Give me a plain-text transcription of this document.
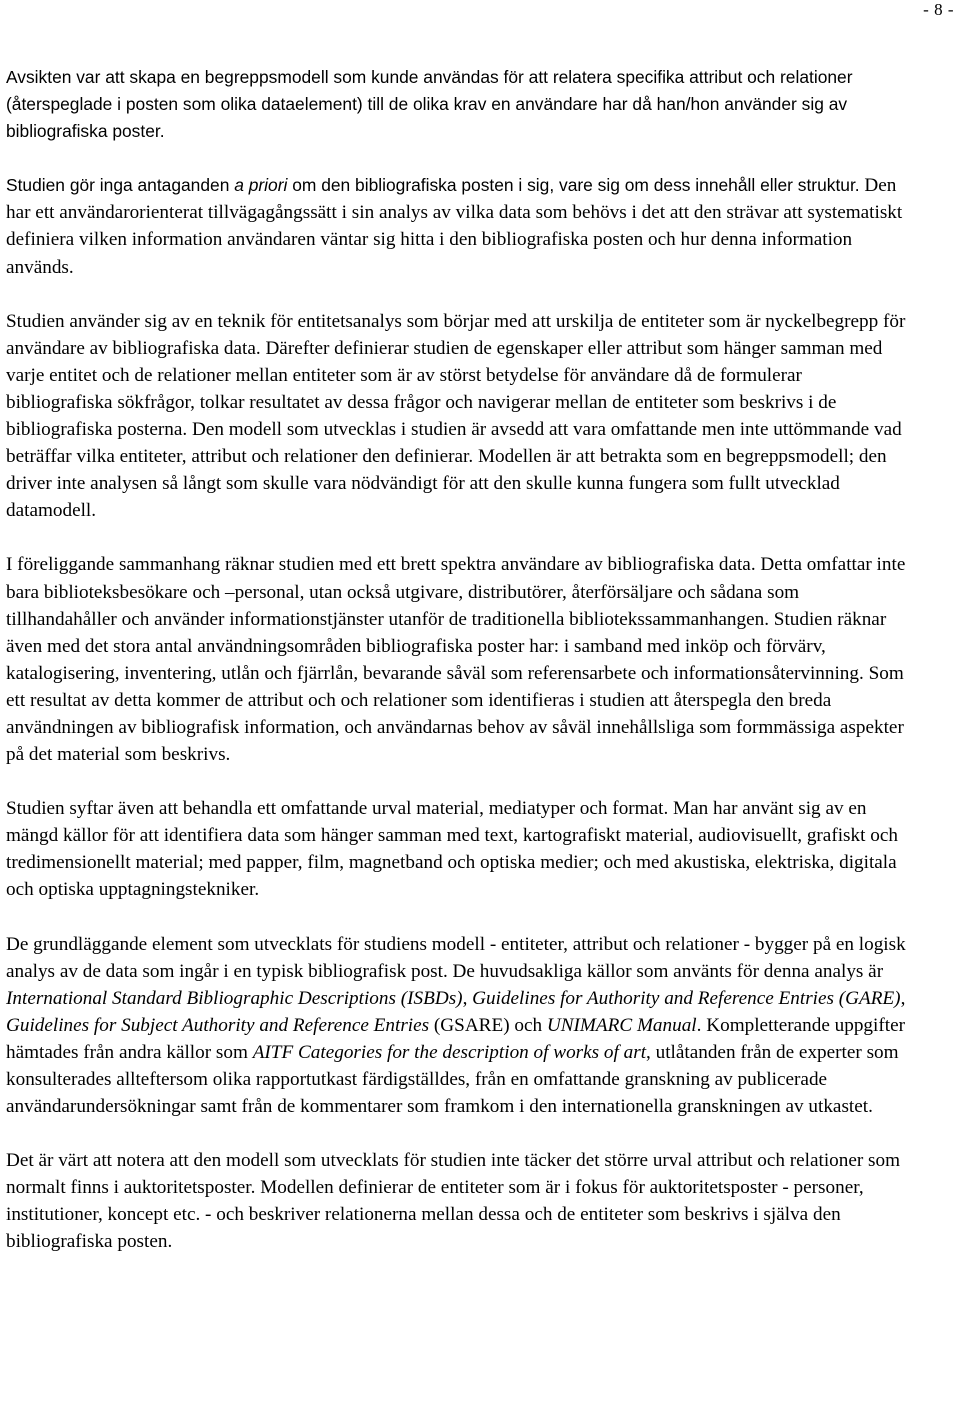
- 8 -

Avsikten var att skapa en begreppsmodell som kunde användas för att relatera specifika attribut och relationer (återspeglade i posten som olika dataelement) till de olika krav en användare har då han/hon använder sig av bibliografiska poster.

Studien gör inga antaganden a priori om den bibliografiska posten i sig, vare sig om dess innehåll eller struktur. Den har ett användarorienterat tillvägagångssätt i sin analys av vilka data som behövs i det att den strävar att systematiskt definiera vilken information användaren väntar sig hitta i den bibliografiska posten och hur denna information används.

Studien använder sig av en teknik för entitetsanalys som börjar med att urskilja de entiteter som är nyckelbegrepp för användare av bibliografiska data. Därefter definierar studien de egenskaper eller attribut som hänger samman med varje entitet och de relationer mellan entiteter som är av störst betydelse för användare då de formulerar bibliografiska sökfrågor, tolkar resultatet av dessa frågor och navigerar mellan de entiteter som beskrivs i de bibliografiska posterna. Den modell som utvecklas i studien är avsedd att vara omfattande men inte uttömmande vad beträffar vilka entiteter, attribut och relationer den definierar. Modellen är att betrakta som en begreppsmodell; den driver inte analysen så långt som skulle vara nödvändigt för att den skulle kunna fungera som fullt utvecklad datamodell.

I föreliggande sammanhang räknar studien med ett brett spektra användare av bibliografiska data. Detta omfattar inte bara biblioteksbesökare och –personal, utan också utgivare, distributörer, återförsäljare och sådana som tillhandahåller och använder informationstjänster utanför de traditionella bibliotekssammanhangen. Studien räknar även med det stora antal användningsområden bibliografiska poster har: i samband med inköp och förvärv, katalogisering, inventering, utlån och fjärrlån, bevarande såväl som referensarbete och informationsåtervinning. Som ett resultat av detta kommer de attribut och och relationer som identifieras i studien att återspegla den breda användningen av bibliografisk information, och användarnas behov av såväl innehållsliga som formmässiga aspekter på det material som beskrivs.

Studien syftar även att behandla ett omfattande urval material, mediatyper och format. Man har använt sig av en mängd källor för att identifiera data som hänger samman med text, kartografiskt material, audiovisuellt, grafiskt och tredimensionellt material; med papper, film, magnetband och optiska medier; och med akustiska, elektriska, digitala och optiska upptagningstekniker.

De grundläggande element som utvecklats för studiens modell - entiteter, attribut och relationer - bygger på en logisk analys av de data som ingår i en typisk bibliografisk post. De huvudsakliga källor som använts för denna analys är International Standard Bibliographic Descriptions (ISBDs), Guidelines for Authority and Reference Entries (GARE), Guidelines for Subject Authority and Reference Entries (GSARE) och UNIMARC Manual. Kompletterande uppgifter hämtades från andra källor som AITF Categories for the description of works of art, utlåtanden från de experter som konsulterades allteftersom olika rapportutkast färdigställdes, från en omfattande granskning av publicerade användarundersökningar samt från de kommentarer som framkom i den internationella granskningen av utkastet.

Det är värt att notera att den modell som utvecklats för studien inte täcker det större urval attribut och relationer som normalt finns i auktoritetsposter. Modellen definierar de entiteter som är i fokus för auktoritetsposter - personer, institutioner, koncept etc. - och beskriver relationerna mellan dessa och de entiteter som beskrivs i själva den bibliografiska posten.
